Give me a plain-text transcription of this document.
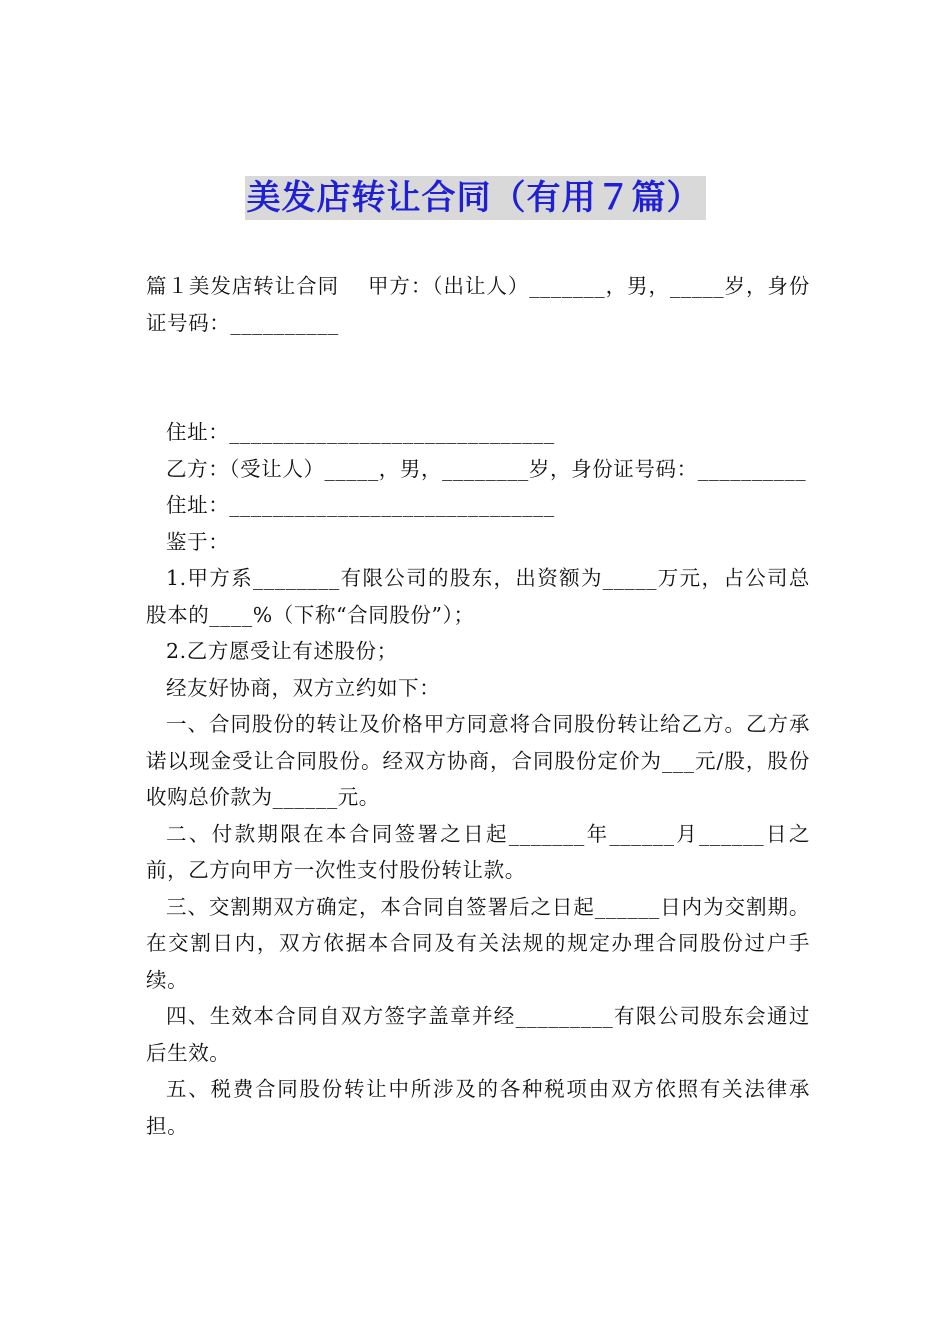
美发店转让合同（有用７篇）

篇１美发店转让合同　 甲方：（出让人）_______，男，_____岁，身份证号码：__________

住址：______________________________

乙方：（受让人）_____，男，________岁，身份证号码：__________

住址：______________________________

鉴于：

1.甲方系________有限公司的股东，出资额为_____万元，占公司总股本的____%（下称“合同股份”）；

2.乙方愿受让有述股份；

经友好协商，双方立约如下：

一、合同股份的转让及价格甲方同意将合同股份转让给乙方。乙方承诺以现金受让合同股份。经双方协商，合同股份定价为___元/股，股份收购总价款为______元。

二、付款期限在本合同签署之日起_______年______月______日之前，乙方向甲方一次性支付股份转让款。

三、交割期双方确定，本合同自签署后之日起______日内为交割期。在交割日内，双方依据本合同及有关法规的规定办理合同股份过户手续。

四、生效本合同自双方签字盖章并经_________有限公司股东会通过后生效。

五、税费合同股份转让中所涉及的各种税项由双方依照有关法律承担。
